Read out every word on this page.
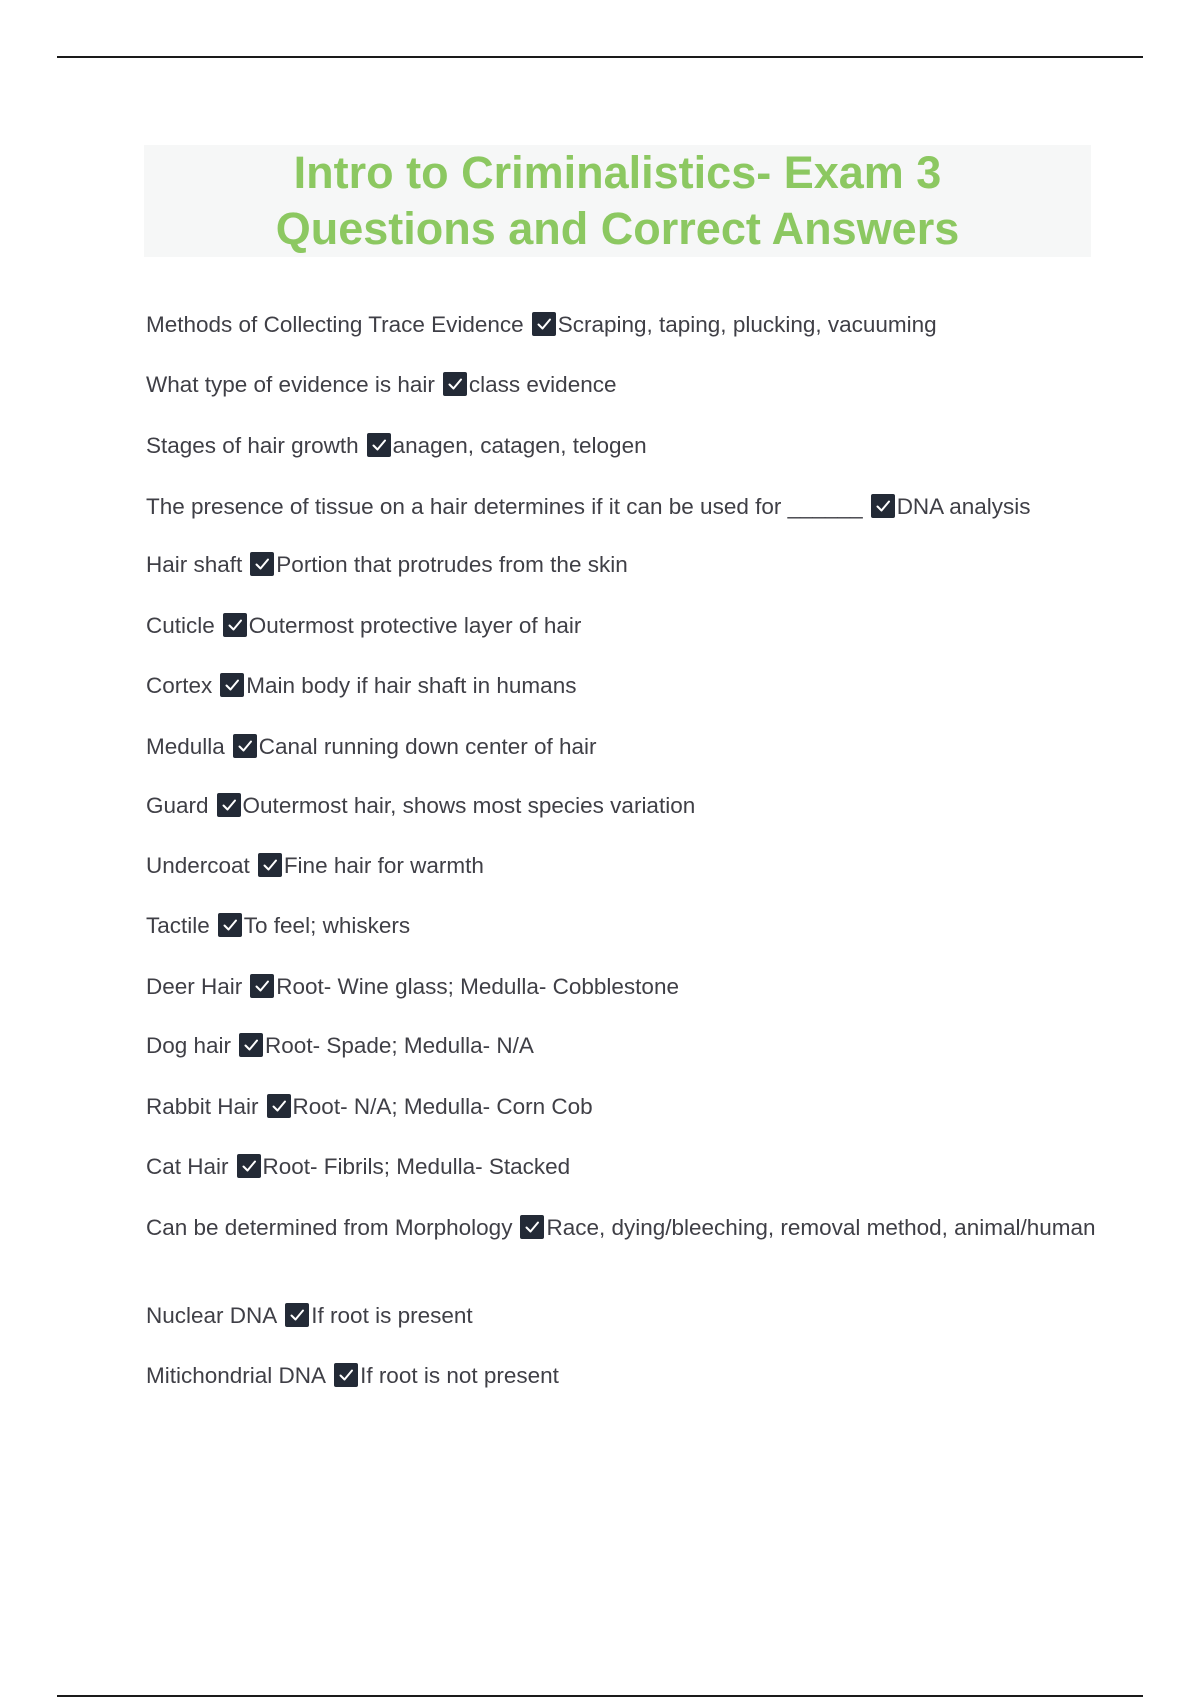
Intro to Criminalistics- Exam 3
Questions and Correct Answers
Methods of Collecting Trace Evidence Scraping, taping, plucking, vacuuming
What type of evidence is hair class evidence
Stages of hair growth anagen, catagen, telogen
The presence of tissue on a hair determines if it can be used for ______ DNA analysis
Hair shaft Portion that protrudes from the skin
Cuticle Outermost protective layer of hair
Cortex Main body if hair shaft in humans
Medulla Canal running down center of hair
Guard Outermost hair, shows most species variation
Undercoat Fine hair for warmth
Tactile To feel; whiskers
Deer Hair Root- Wine glass; Medulla- Cobblestone
Dog hair Root- Spade; Medulla- N/A
Rabbit Hair Root- N/A; Medulla- Corn Cob
Cat Hair Root- Fibrils; Medulla- Stacked
Can be determined from Morphology Race, dying/bleeching, removal method, animal/human
Nuclear DNA If root is present
Mitichondrial DNA If root is not present
